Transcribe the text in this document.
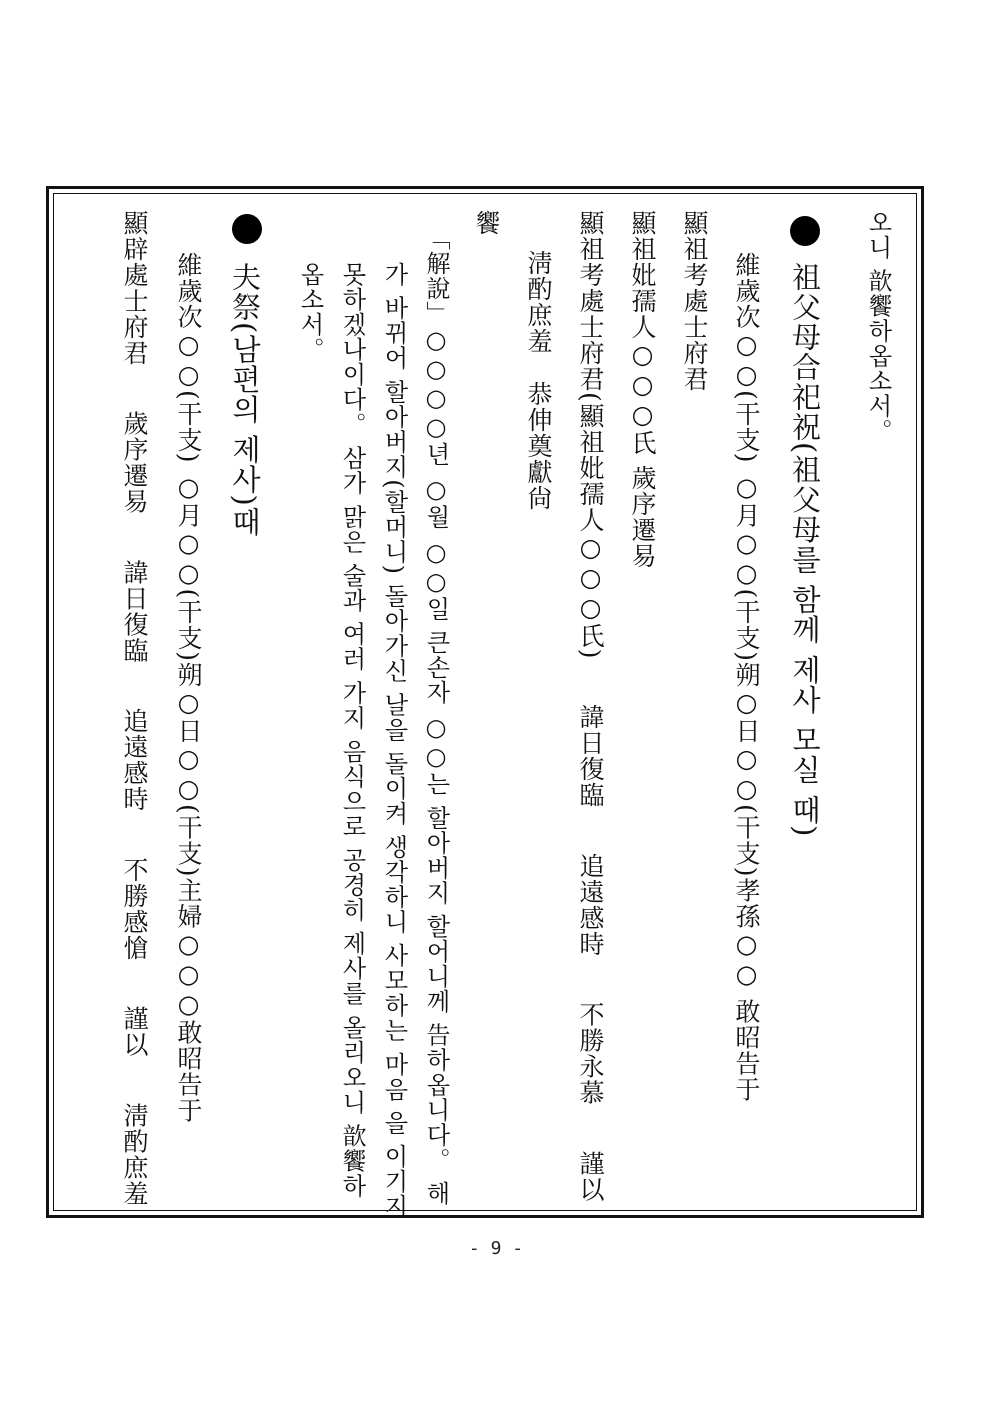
오니 歆饗하옵소서。
祖父母合祀祝(祖父母를 함께 제사 모실 때)
維歲次○○(干支) ○月○○(干支)朔○日○○(干支)孝孫○○ 敢昭告于
顯祖考處士府君
顯祖妣孺人○○○氏 歲序遷易
顯祖考處士府君(顯祖妣孺人○○○氏)     諱日復臨     追遠感時     不勝永慕     謹以
淸酌庶羞   恭伸奠獻尙
饗
「解說」○○○○년 ○월 ○○일 큰손자 ○○는 할아버지 할어니께 告하옵니다。 해
가 바뀌어 할아버지(할머니) 돌아가신 날을 돌이켜 생각하니 사모하는 마음 을 이기지
못하겠나이다。 삼가 맑은 술과 여러 가지 음식으로 공경히 제사를 올리오니 歆饗하
옵소서。
夫祭(남편의 제사)때
維歲次○○(干支) ○月○○(干支)朔○日○○(干支)主婦○○○敢昭告于
顯辟處士府君     歲序遷易     諱日復臨     追遠感時     不勝感愴     謹以     淸酌庶羞
- 9 -
